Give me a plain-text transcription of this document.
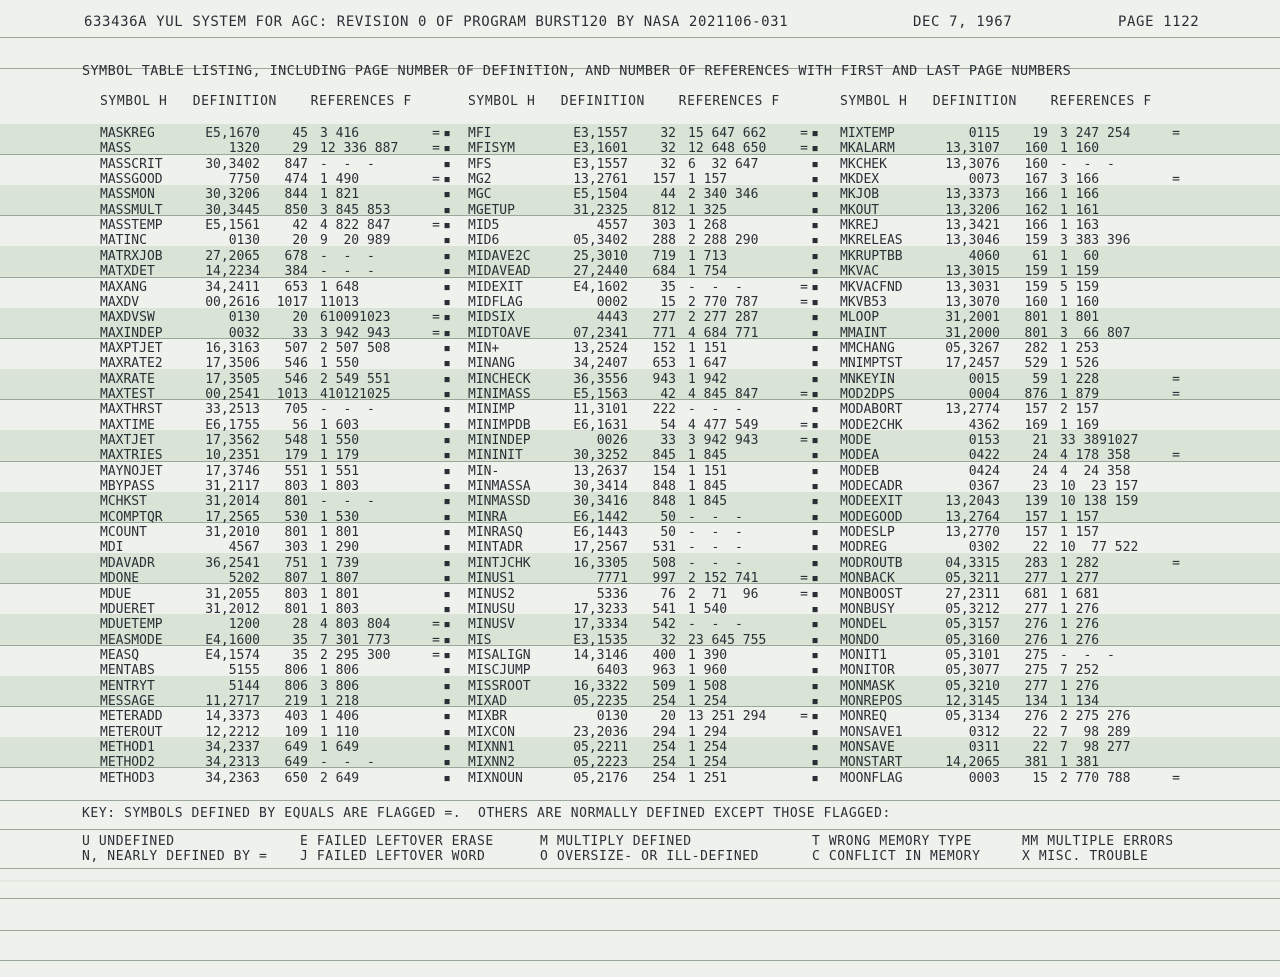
633436A YUL SYSTEM FOR AGC: REVISION 0 OF PROGRAM BURST120 BY NASA 2021106-031	DEC 7, 1967	PAGE 1122
SYMBOL TABLE LISTING, INCLUDING PAGE NUMBER OF DEFINITION, AND NUMBER OF REFERENCES WITH FIRST AND LAST PAGE NUMBERS
SYMBOL H   DEFINITION    REFERENCES F	SYMBOL H   DEFINITION    REFERENCES F	SYMBOL H   DEFINITION    REFERENCES F
MASKREG	E5,1670	45 3 416	= ▪ MFI	E3,1557	32 15 647 662	= ▪ MIXTEMP	0115	19 3 247 254	=
MASS	1320	29 12 336 887	= ▪ MFISYM	E3,1601	32 12 648 650	= ▪ MKALARM	13,3107	160 1 160
MASSCRIT	30,3402	847 -  -  -	▪ MFS	E3,1557	32 6  32 647	▪ MKCHEK	13,3076	160 -  -  -
MASSGOOD	7750	474 1 490	= ▪ MG2	13,2761	157 1 157	▪ MKDEX	0073	167 3 166	=
MASSMON	30,3206	844 1 821	▪ MGC	E5,1504	44 2 340 346	▪ MKJOB	13,3373	166 1 166
MASSMULT	30,3445	850 3 845 853	▪ MGETUP	31,2325	812 1 325	▪ MKOUT	13,3206	162 1 161
MASSTEMP	E5,1561	42 4 822 847	= ▪ MID5	4557	303 1 268	▪ MKREJ	13,3421	166 1 163
MATINC	0130	20 9  20 989	▪ MID6	05,3402	288 2 288 290	▪ MKRELEAS	13,3046	159 3 383 396
MATRXJOB	27,2065	678 -  -  -	▪ MIDAVE2C	25,3010	719 1 713	▪ MKRUPTBB	4060	61 1  60
MATXDET	14,2234	384 -  -  -	▪ MIDAVEAD	27,2440	684 1 754	▪ MKVAC	13,3015	159 1 159
MAXANG	34,2411	653 1 648	▪ MIDEXIT	E4,1602	35 -  -  -	= ▪ MKVACFND	13,3031	159 5 159
MAXDV	00,2616	1017 11013	▪ MIDFLAG	0002	15 2 770 787	= ▪ MKVB53	13,3070	160 1 160
MAXDVSW	0130	20 610091023	= ▪ MIDSIX	4443	277 2 277 287	▪ MLOOP	31,2001	801 1 801
MAXINDEP	0032	33 3 942 943	= ▪ MIDTOAVE	07,2341	771 4 684 771	▪ MMAINT	31,2000	801 3  66 807
MAXPTJET	16,3163	507 2 507 508	▪ MIN+	13,2524	152 1 151	▪ MMCHANG	05,3267	282 1 253
MAXRATE2	17,3506	546 1 550	▪ MINANG	34,2407	653 1 647	▪ MNIMPTST	17,2457	529 1 526
MAXRATE	17,3505	546 2 549 551	▪ MINCHECK	36,3556	943 1 942	▪ MNKEYIN	0015	59 1 228	=
MAXTEST	00,2541	1013 410121025	▪ MINIMASS	E5,1563	42 4 845 847	= ▪ MOD2DPS	0004	876 1 879	=
MAXTHRST	33,2513	705 -  -  -	▪ MINIMP	11,3101	222 -  -  -	▪ MODABORT	13,2774	157 2 157
MAXTIME	E6,1755	56 1 603	▪ MINIMPDB	E6,1631	54 4 477 549	= ▪ MODE2CHK	4362	169 1 169
MAXTJET	17,3562	548 1 550	▪ MININDEP	0026	33 3 942 943	= ▪ MODE	0153	21 33 3891027
MAXTRIES	10,2351	179 1 179	▪ MININIT	30,3252	845 1 845	▪ MODEA	0422	24 4 178 358	=
MAYNOJET	17,3746	551 1 551	▪ MIN-	13,2637	154 1 151	▪ MODEB	0424	24 4  24 358
MBYPASS	31,2117	803 1 803	▪ MINMASSA	30,3414	848 1 845	▪ MODECADR	0367	23 10  23 157
MCHKST	31,2014	801 -  -  -	▪ MINMASSD	30,3416	848 1 845	▪ MODEEXIT	13,2043	139 10 138 159
MCOMPTQR	17,2565	530 1 530	▪ MINRA	E6,1442	50 -  -  -	▪ MODEGOOD	13,2764	157 1 157
MCOUNT	31,2010	801 1 801	▪ MINRASQ	E6,1443	50 -  -  -	▪ MODESLP	13,2770	157 1 157
MDI	4567	303 1 290	▪ MINTADR	17,2567	531 -  -  -	▪ MODREG	0302	22 10  77 522
MDAVADR	36,2541	751 1 739	▪ MINTJCHK	16,3305	508 -  -  -	▪ MODROUTB	04,3315	283 1 282	=
MDONE	5202	807 1 807	▪ MINUS1	7771	997 2 152 741	= ▪ MONBACK	05,3211	277 1 277
MDUE	31,2055	803 1 801	▪ MINUS2	5336	76 2  71  96	= ▪ MONBOOST	27,2311	681 1 681
MDUERET	31,2012	801 1 803	▪ MINUSU	17,3233	541 1 540	▪ MONBUSY	05,3212	277 1 276
MDUETEMP	1200	28 4 803 804	= ▪ MINUSV	17,3334	542 -  -  -	▪ MONDEL	05,3157	276 1 276
MEASMODE	E4,1600	35 7 301 773	= ▪ MIS	E3,1535	32 23 645 755	▪ MONDO	05,3160	276 1 276
MEASQ	E4,1574	35 2 295 300	= ▪ MISALIGN	14,3146	400 1 390	▪ MONIT1	05,3101	275 -  -  -
MENTABS	5155	806 1 806	▪ MISCJUMP	6403	963 1 960	▪ MONITOR	05,3077	275 7 252
MENTRYT	5144	806 3 806	▪ MISSROOT	16,3322	509 1 508	▪ MONMASK	05,3210	277 1 276
MESSAGE	11,2717	219 1 218	▪ MIXAD	05,2235	254 1 254	▪ MONREPOS	12,3145	134 1 134
METERADD	14,3373	403 1 406	▪ MIXBR	0130	20 13 251 294	= ▪ MONREQ	05,3134	276 2 275 276
METEROUT	12,2212	109 1 110	▪ MIXCON	23,2036	294 1 294	▪ MONSAVE1	0312	22 7  98 289
METHOD1	34,2337	649 1 649	▪ MIXNN1	05,2211	254 1 254	▪ MONSAVE	0311	22 7  98 277
METHOD2	34,2313	649 -  -  -	▪ MIXNN2	05,2223	254 1 254	▪ MONSTART	14,2065	381 1 381
METHOD3	34,2363	650 2 649	▪ MIXNOUN	05,2176	254 1 251	▪ MOONFLAG	0003	15 2 770 788	=
KEY: SYMBOLS DEFINED BY EQUALS ARE FLAGGED =.  OTHERS ARE NORMALLY DEFINED EXCEPT THOSE FLAGGED:
U UNDEFINED
N, NEARLY DEFINED BY =
E FAILED LEFTOVER ERASE
J FAILED LEFTOVER WORD
M MULTIPLY DEFINED
O OVERSIZE- OR ILL-DEFINED
T WRONG MEMORY TYPE
C CONFLICT IN MEMORY
MM MULTIPLE ERRORS
X MISC. TROUBLE
